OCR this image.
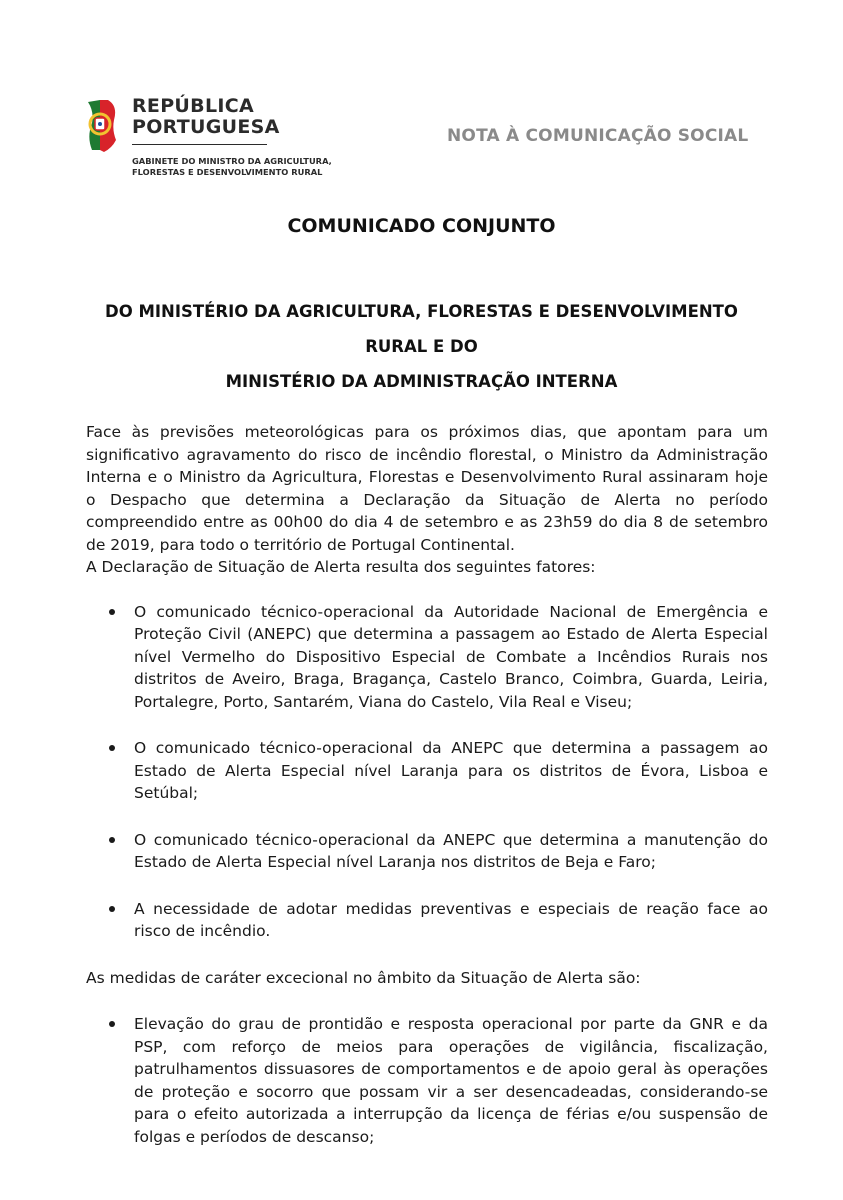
REPÚBLICA
PORTUGUESA
GABINETE DO MINISTRO DA AGRICULTURA,
FLORESTAS E DESENVOLVIMENTO RURAL
NOTA À COMUNICAÇÃO SOCIAL
COMUNICADO CONJUNTO
DO MINISTÉRIO DA AGRICULTURA, FLORESTAS E DESENVOLVIMENTO
RURAL E DO
MINISTÉRIO DA ADMINISTRAÇÃO INTERNA

Face às previsões meteorológicas para os próximos dias, que apontam para um significativo agravamento do risco de incêndio florestal, o Ministro da Administração Interna e o Ministro da Agricultura, Florestas e Desenvolvimento Rural assinaram hoje o Despacho que determina a Declaração da Situação de Alerta no período compreendido entre as 00h00 do dia 4 de setembro e as 23h59 do dia 8 de setembro de 2019, para todo o território de Portugal Continental.

A Declaração de Situação de Alerta resulta dos seguintes fatores:

O comunicado técnico-operacional da Autoridade Nacional de Emergência e Proteção Civil (ANEPC) que determina a passagem ao Estado de Alerta Especial nível Vermelho do Dispositivo Especial de Combate a Incêndios Rurais nos distritos de Aveiro, Braga, Bragança, Castelo Branco, Coimbra, Guarda, Leiria, Portalegre, Porto, Santarém, Viana do Castelo, Vila Real e Viseu;
O comunicado técnico-operacional da ANEPC que determina a passagem ao Estado de Alerta Especial nível Laranja para os distritos de Évora, Lisboa e Setúbal;
O comunicado técnico-operacional da ANEPC que determina a manutenção do Estado de Alerta Especial nível Laranja nos distritos de Beja e Faro;
A necessidade de adotar medidas preventivas e especiais de reação face ao risco de incêndio.

As medidas de caráter excecional no âmbito da Situação de Alerta são:

Elevação do grau de prontidão e resposta operacional por parte da GNR e da PSP, com reforço de meios para operações de vigilância, fiscalização, patrulhamentos dissuasores de comportamentos e de apoio geral às operações de proteção e socorro que possam vir a ser desencadeadas, considerando-se para o efeito autorizada a interrupção da licença de férias e/ou suspensão de folgas e períodos de descanso;
